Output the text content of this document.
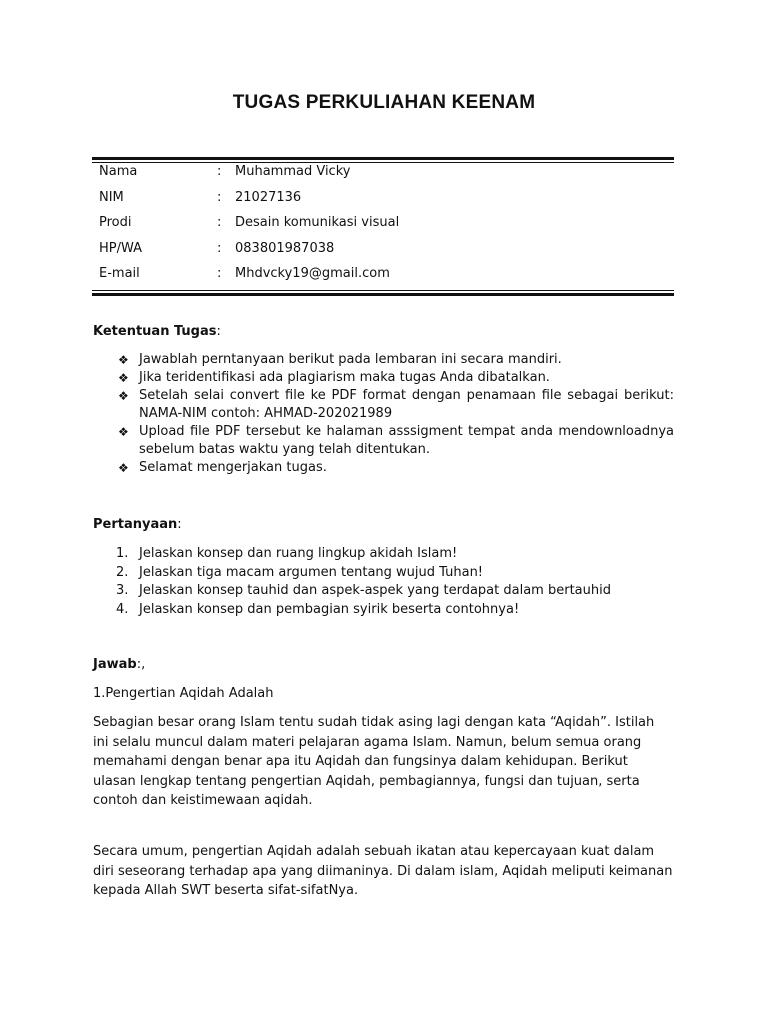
TUGAS PERKULIAHAN KEENAM
Nama	: Muhammad Vicky
NIM	: 21027136
Prodi	: Desain komunikasi visual
HP/WA	: 083801987038
E-mail	: Mhdvcky19@gmail.com
Ketentuan Tugas:
❖ Jawablah perntanyaan berikut pada lembaran ini secara mandiri.
❖ Jika teridentifikasi ada plagiarism maka tugas Anda dibatalkan.
❖ Setelah selai convert file ke PDF format dengan penamaan file sebagai berikut: NAMA-NIM contoh: AHMAD-202021989
❖ Upload file PDF tersebut ke halaman asssigment tempat anda mendownloadnya sebelum batas waktu yang telah ditentukan.
❖ Selamat mengerjakan tugas.
Pertanyaan:
1. Jelaskan konsep dan ruang lingkup akidah Islam!
2. Jelaskan tiga macam argumen tentang wujud Tuhan!
3. Jelaskan konsep tauhid dan aspek-aspek yang terdapat dalam bertauhid
4. Jelaskan konsep dan pembagian syirik beserta contohnya!
Jawab:,

1.Pengertian Aqidah Adalah

Sebagian besar orang Islam tentu sudah tidak asing lagi dengan kata “Aqidah”. Istilah ini selalu muncul dalam materi pelajaran agama Islam. Namun, belum semua orang memahami dengan benar apa itu Aqidah dan fungsinya dalam kehidupan. Berikut ulasan lengkap tentang pengertian Aqidah, pembagiannya, fungsi dan tujuan, serta contoh dan keistimewaan aqidah.

Secara umum, pengertian Aqidah adalah sebuah ikatan atau kepercayaan kuat dalam diri seseorang terhadap apa yang diimaninya. Di dalam islam, Aqidah meliputi keimanan kepada Allah SWT beserta sifat-sifatNya.
